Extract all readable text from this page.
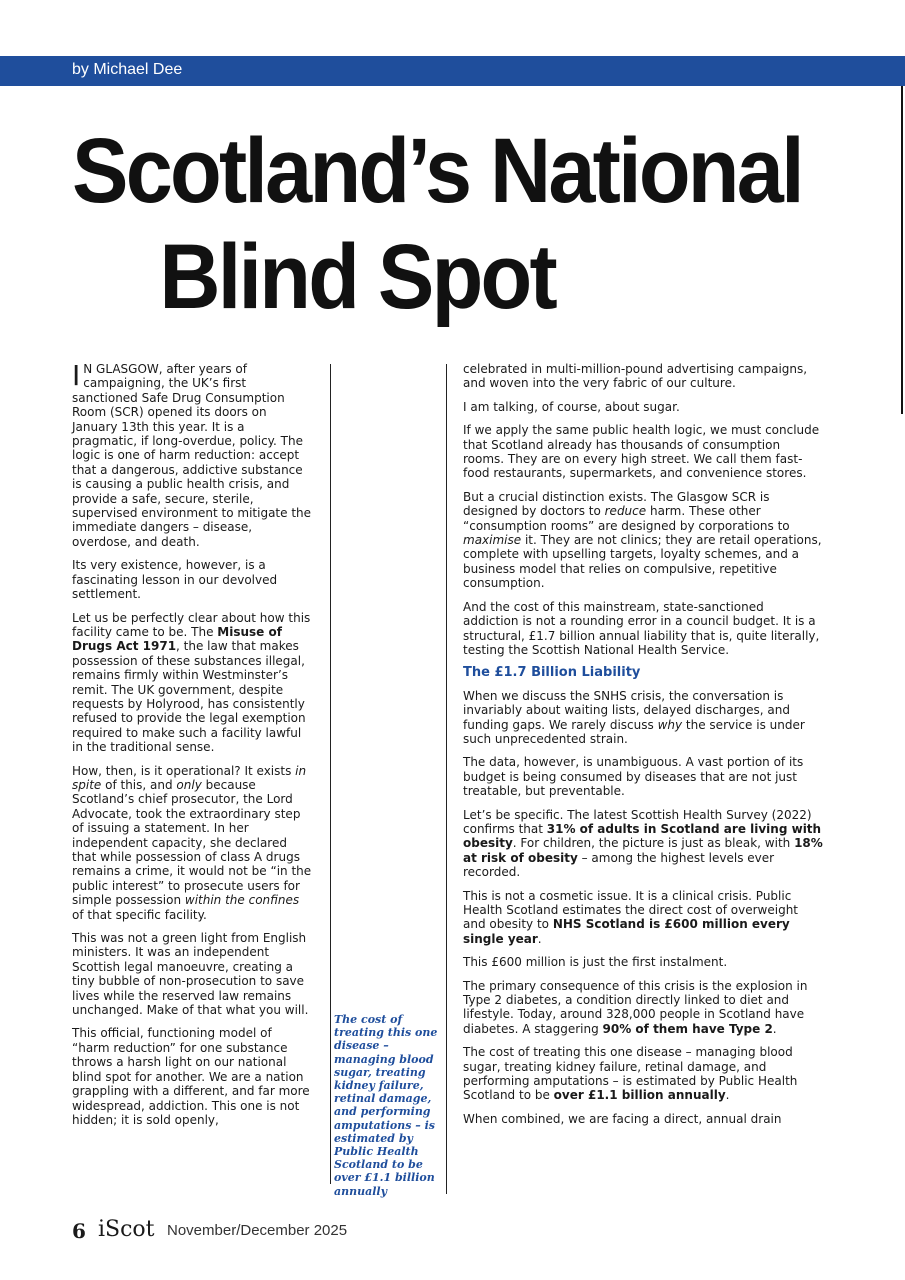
by Michael Dee
Scotland’s National
Blind Spot

I N GLASGOW, after years of campaigning, the UK’s first sanctioned Safe Drug Consumption Room (SCR) opened its doors on January 13th this year. It is a pragmatic, if long-overdue, policy. The logic is one of harm reduction: accept that a dangerous, addictive substance is causing a public health crisis, and provide a safe, secure, sterile, supervised environment to mitigate the immediate dangers – disease, overdose, and death.

Its very existence, however, is a fascinating lesson in our devolved settlement.

Let us be perfectly clear about how this facility came to be. The Misuse of Drugs Act 1971, the law that makes possession of these substances illegal, remains firmly within Westminster’s remit. The UK government, despite requests by Holyrood, has consistently refused to provide the legal exemption required to make such a facility lawful in the traditional sense.

How, then, is it operational? It exists in spite of this, and only because Scotland’s chief prosecutor, the Lord Advocate, took the extraordinary step of issuing a statement. In her independent capacity, she declared that while possession of class A drugs remains a crime, it would not be “in the public interest” to prosecute users for simple possession within the confines of that specific facility.

This was not a green light from English ministers. It was an independent Scottish legal manoeuvre, creating a tiny bubble of non-prosecution to save lives while the reserved law remains unchanged. Make of that what you will.

This official, functioning model of “harm reduction” for one substance throws a harsh light on our national blind spot for another. We are a nation grappling with a different, and far more widespread, addiction. This one is not hidden; it is sold openly,

The cost of treating this one disease – managing blood sugar, treating kidney failure, retinal damage, and performing amputations – is estimated by Public Health Scotland to be over £1.1 billion annually

celebrated in multi-million-pound advertising campaigns, and woven into the very fabric of our culture.

I am talking, of course, about sugar.

If we apply the same public health logic, we must conclude that Scotland already has thousands of consumption rooms. They are on every high street. We call them fast-food restaurants, supermarkets, and convenience stores.

But a crucial distinction exists. The Glasgow SCR is designed by doctors to reduce harm. These other “consumption rooms” are designed by corporations to maximise it. They are not clinics; they are retail operations, complete with upselling targets, loyalty schemes, and a business model that relies on compulsive, repetitive consumption.

And the cost of this mainstream, state-sanctioned addiction is not a rounding error in a council budget. It is a structural, £1.7 billion annual liability that is, quite literally, testing the Scottish National Health Service.

The £1.7 Billion Liability

When we discuss the SNHS crisis, the conversation is invariably about waiting lists, delayed discharges, and funding gaps. We rarely discuss why the service is under such unprecedented strain.

The data, however, is unambiguous. A vast portion of its budget is being consumed by diseases that are not just treatable, but preventable.

Let’s be specific. The latest Scottish Health Survey (2022) confirms that 31% of adults in Scotland are living with obesity. For children, the picture is just as bleak, with 18% at risk of obesity – among the highest levels ever recorded.

This is not a cosmetic issue. It is a clinical crisis. Public Health Scotland estimates the direct cost of overweight and obesity to NHS Scotland is £600 million every single year.

This £600 million is just the first instalment.

The primary consequence of this crisis is the explosion in Type 2 diabetes, a condition directly linked to diet and lifestyle. Today, around 328,000 people in Scotland have diabetes. A staggering 90% of them have Type 2.

The cost of treating this one disease – managing blood sugar, treating kidney failure, retinal damage, and performing amputations – is estimated by Public Health Scotland to be over £1.1 billion annually.

When combined, we are facing a direct, annual drain

6 iScot November/December 2025
